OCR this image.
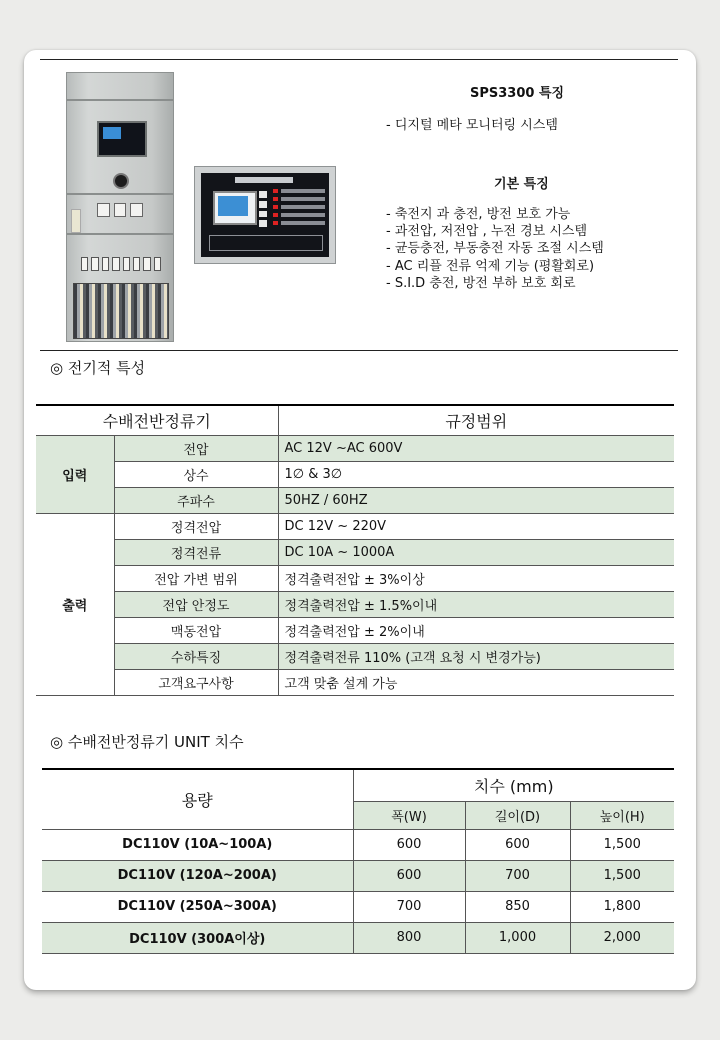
SPS3300 특징
- 디지털 메타 모니터링 시스템
기본 특징
- 축전지 과 충전, 방전 보호 가능
- 과전압, 저전압 , 누전 경보 시스템
- 균등충전, 부동충전 자동 조절 시스템
- AC 리플 전류 억제 기능 (평활회로)
- S.I.D 충전, 방전 부하 보호 회로
◎ 전기적 특성
수배전반정류기		규정범위
입력	전압	AC 12V ~AC 600V
	상수	1∅ & 3∅
	주파수	50HZ / 60HZ
출력	정격전압	DC 12V ~ 220V
	정격전류	DC 10A ~ 1000A
	전압 가변 범위	정격출력전압 ± 3%이상
	전압 안정도	정격출력전압 ± 1.5%이내
	맥동전압	정격출력전압 ± 2%이내
	수하특징	정격출력전류 110% (고객 요청 시 변경가능)
	고객요구사항	고객 맞춤 설계 가능
◎ 수배전반정류기 UNIT 치수
용량	치수 (mm)		
	폭(W)	길이(D)	높이(H)
DC110V (10A~100A)	600	600	1,500
DC110V (120A~200A)	600	700	1,500
DC110V (250A~300A)	700	850	1,800
DC110V (300A이상)	800	1,000	2,000
